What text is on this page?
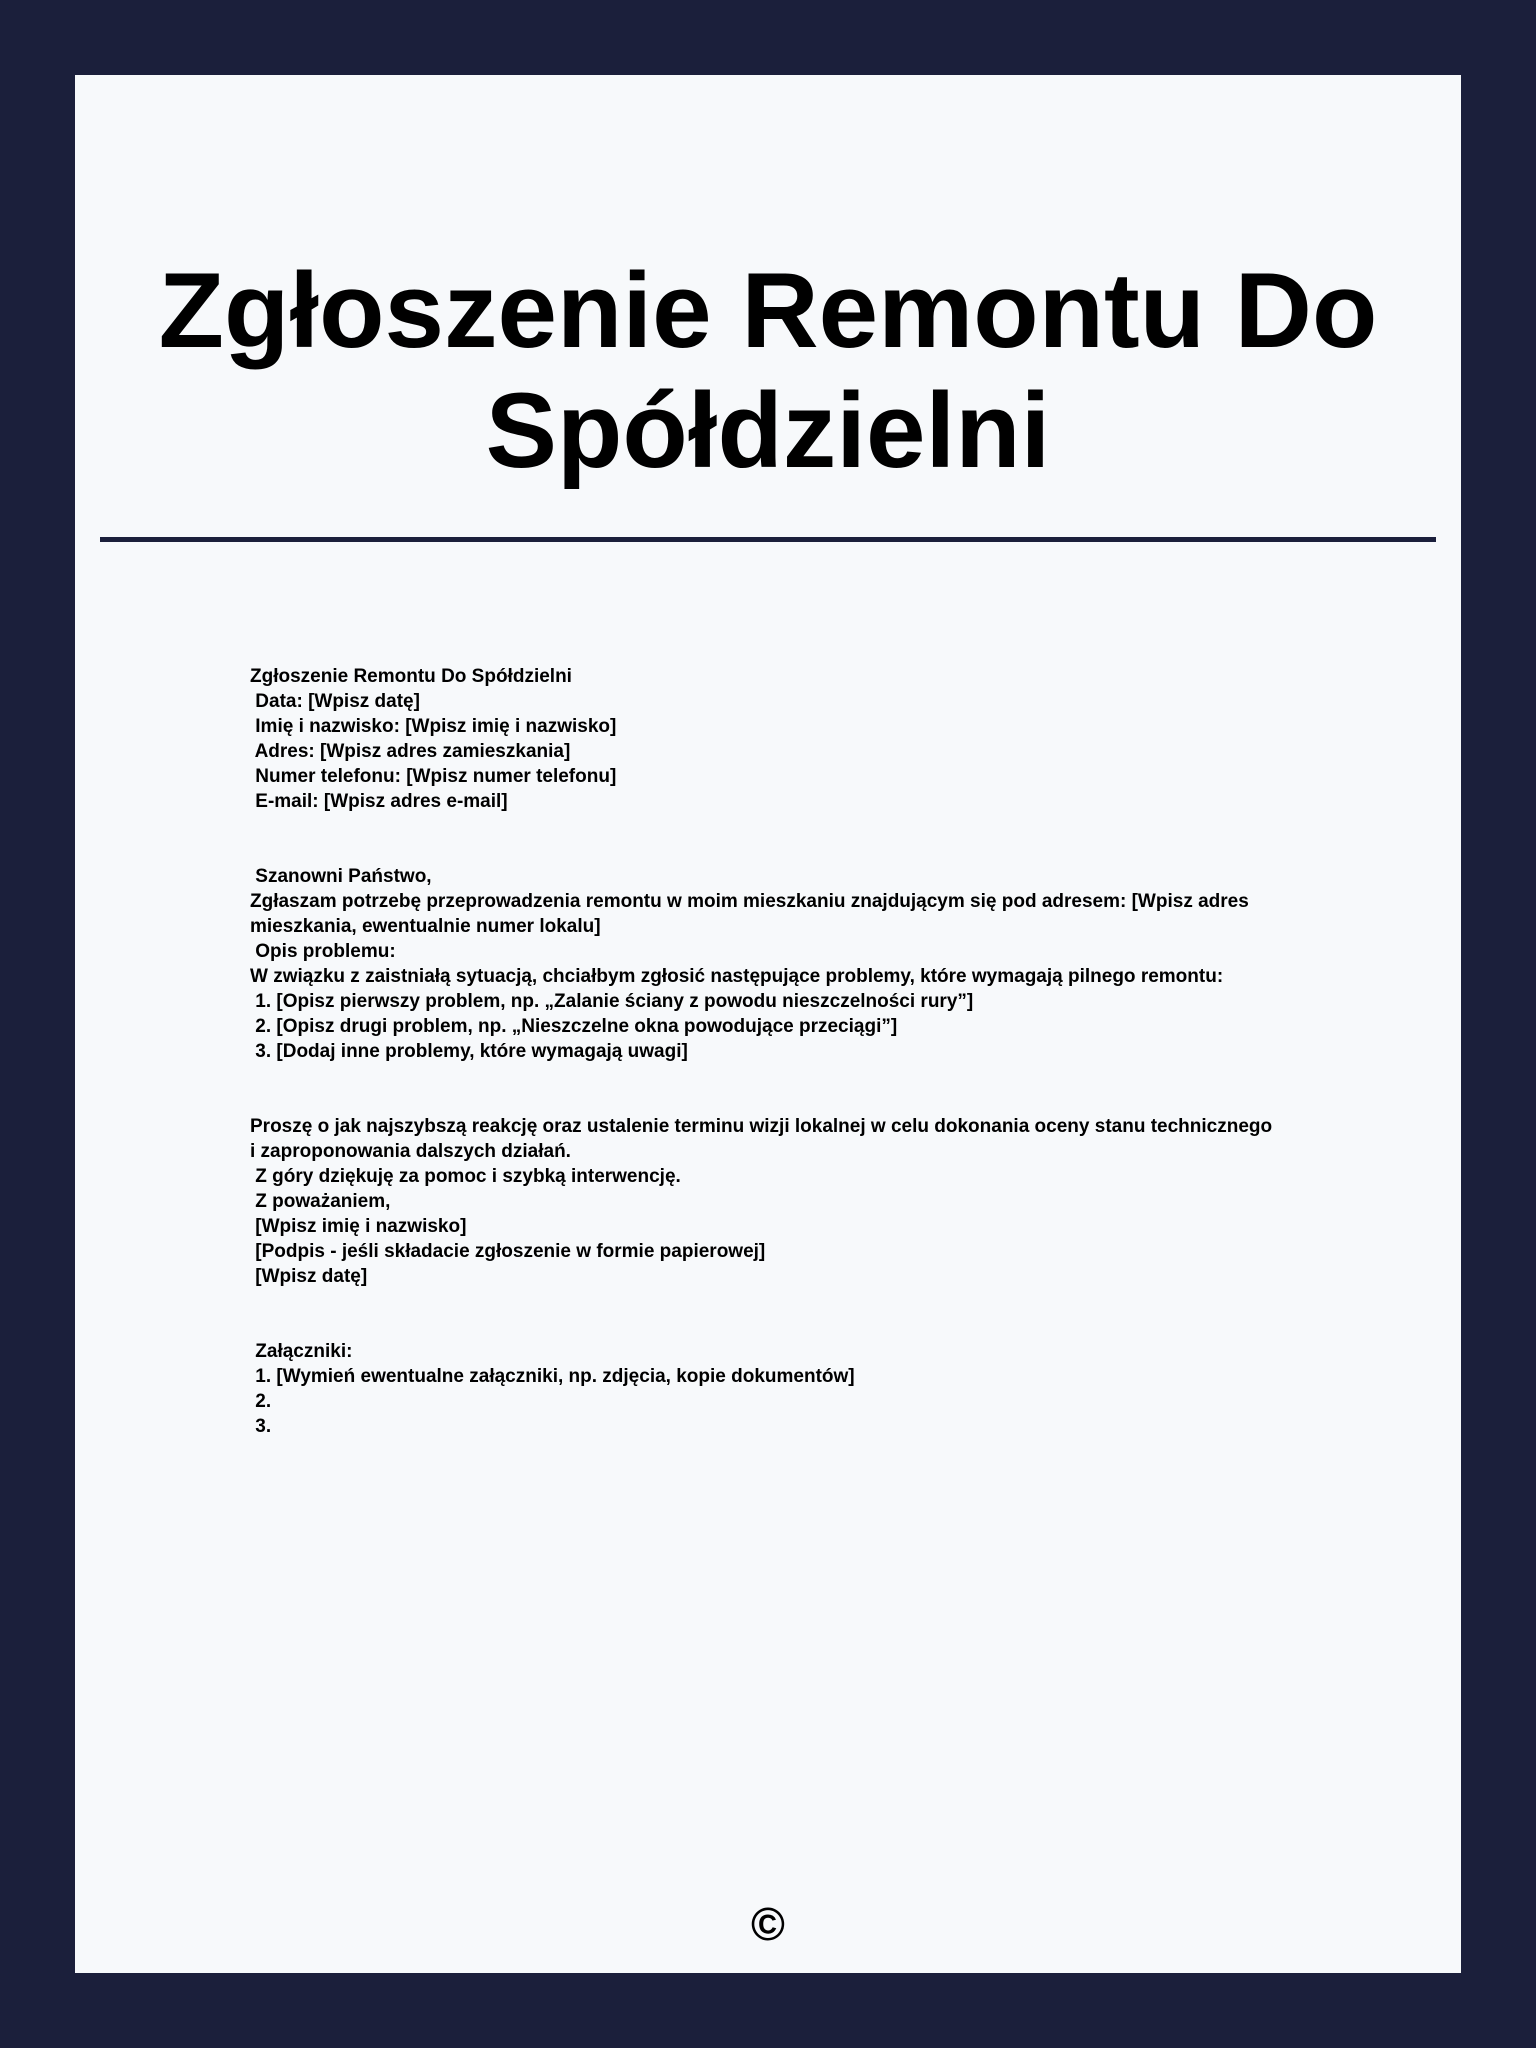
Zgłoszenie Remontu Do Spółdzielni
Zgłoszenie Remontu Do Spółdzielni
Data: [Wpisz datę]
Imię i nazwisko: [Wpisz imię i nazwisko]
Adres: [Wpisz adres zamieszkania]
Numer telefonu: [Wpisz numer telefonu]
E-mail: [Wpisz adres e-mail]
Szanowni Państwo,
Zgłaszam potrzebę przeprowadzenia remontu w moim mieszkaniu znajdującym się pod adresem: [Wpisz adres mieszkania, ewentualnie numer lokalu]
Opis problemu:
W związku z zaistniałą sytuacją, chciałbym zgłosić następujące problemy, które wymagają pilnego remontu:
1. [Opisz pierwszy problem, np. „Zalanie ściany z powodu nieszczelności rury”]
2. [Opisz drugi problem, np. „Nieszczelne okna powodujące przeciągi”]
3. [Dodaj inne problemy, które wymagają uwagi]
Proszę o jak najszybszą reakcję oraz ustalenie terminu wizji lokalnej w celu dokonania oceny stanu technicznego i zaproponowania dalszych działań.
Z góry dziękuję za pomoc i szybką interwencję.
Z poważaniem,
[Wpisz imię i nazwisko]
[Podpis - jeśli składacie zgłoszenie w formie papierowej]
[Wpisz datę]
Załączniki:
1. [Wymień ewentualne załączniki, np. zdjęcia, kopie dokumentów]
2.
3.
©
